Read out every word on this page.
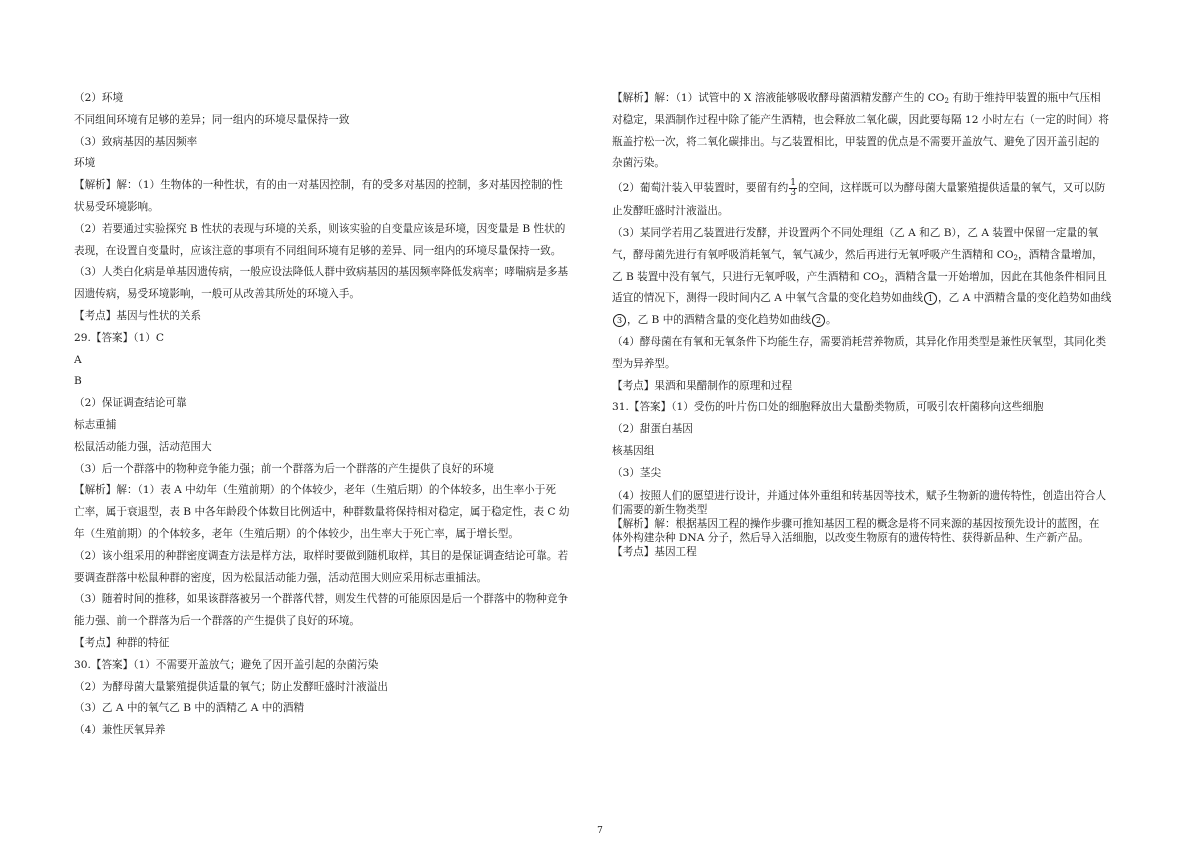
（2）环境
不同组间环境有足够的差异；同一组内的环境尽量保持一致
（3）致病基因的基因频率
环境
【解析】解：（1）生物体的一种性状，有的由一对基因控制，有的受多对基因的控制，多对基因控制的性
状易受环境影响。
（2）若要通过实验探究 B 性状的表现与环境的关系，则该实验的自变量应该是环境，因变量是 B 性状的
表现，在设置自变量时，应该注意的事项有不同组间环境有足够的差异、同一组内的环境尽量保持一致。
（3）人类白化病是单基因遗传病，一般应设法降低人群中致病基因的基因频率降低发病率；哮喘病是多基
因遗传病，易受环境影响，一般可从改善其所处的环境入手。
【考点】基因与性状的关系
29.【答案】（1）C
A
B
（2）保证调查结论可靠
标志重捕
松鼠活动能力强，活动范围大
（3）后一个群落中的物种竞争能力强；前一个群落为后一个群落的产生提供了良好的环境
【解析】解：（1）表 A 中幼年（生殖前期）的个体较少，老年（生殖后期）的个体较多，出生率小于死
亡率，属于衰退型，表 B 中各年龄段个体数目比例适中，种群数量将保持相对稳定，属于稳定性，表 C 幼
年（生殖前期）的个体较多，老年（生殖后期）的个体较少，出生率大于死亡率，属于增长型。
（2）该小组采用的种群密度调查方法是样方法，取样时要做到随机取样，其目的是保证调查结论可靠。若
要调查群落中松鼠种群的密度，因为松鼠活动能力强，活动范围大则应采用标志重捕法。
（3）随着时间的推移，如果该群落被另一个群落代替，则发生代替的可能原因是后一个群落中的物种竞争
能力强、前一个群落为后一个群落的产生提供了良好的环境。
【考点】种群的特征
30.【答案】（1）不需要开盖放气；避免了因开盖引起的杂菌污染
（2）为酵母菌大量繁殖提供适量的氧气；防止发酵旺盛时汁液溢出
（3）乙 A 中的氧气乙 B 中的酒精乙 A 中的酒精
（4）兼性厌氧异养
【解析】解：（1）试管中的 X 溶液能够吸收酵母菌酒精发酵产生的 $CO_2$ 有助于维持甲装置的瓶中气压相
对稳定，果酒制作过程中除了能产生酒精，也会释放二氧化碳，因此要每隔 12 小时左右（一定的时间）将
瓶盖拧松一次，将二氧化碳排出。与乙装置相比，甲装置的优点是不需要开盖放气、避免了因开盖引起的
杂菌污染。
（2）葡萄汁装入甲装置时，要留有约 $\frac{1}{3}$ 的空间，这样既可以为酵母菌大量繁殖提供适量的氧气，又可以防
止发酵旺盛时汁液溢出。
（3）某同学若用乙装置进行发酵，并设置两个不同处理组（乙 A 和乙 B），乙 A 装置中保留一定量的氧
气，酵母菌先进行有氧呼吸消耗氧气，氧气减少，然后再进行无氧呼吸产生酒精和 $CO_2$，酒精含量增加，
乙 B 装置中没有氧气，只进行无氧呼吸，产生酒精和 $CO_2$，酒精含量一开始增加，因此在其他条件相同且
适宜的情况下，测得一段时间内乙 A 中氧气含量的变化趋势如曲线 1 ，乙 A 中酒精含量的变化趋势如曲线
3 ，乙 B 中的酒精含量的变化趋势如曲线 2 。
（4）酵母菌在有氧和无氧条件下均能生存，需要消耗营养物质，其异化作用类型是兼性厌氧型，其同化类
型为异养型。
【考点】果酒和果醋制作的原理和过程
31.【答案】（1）受伤的叶片伤口处的细胞释放出大量酚类物质，可吸引农杆菌移向这些细胞
（2）甜蛋白基因
核基因组
（3）茎尖
（4）按照人们的愿望进行设计，并通过体外重组和转基因等技术，赋予生物新的遗传特性，创造出符合人
们需要的新生物类型
【解析】解：根据基因工程的操作步骤可推知基因工程的概念是将不同来源的基因按预先设计的蓝图，在
体外构建杂种 DNA 分子，然后导入活细胞，以改变生物原有的遗传特性、获得新品种、生产新产品。
【考点】基因工程
7
